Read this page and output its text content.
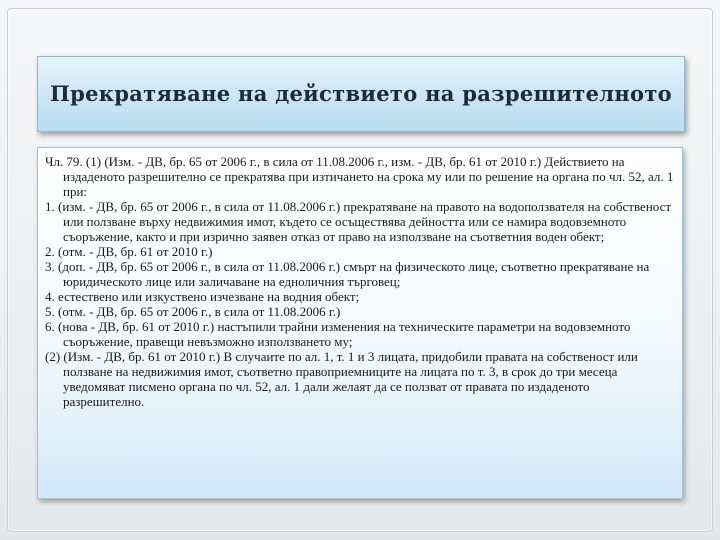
Прекратяване на действието на разрешителното

Чл. 79. (1) (Изм. - ДВ, бр. 65 от 2006 г., в сила от 11.08.2006 г., изм. - ДВ, бр. 61 от 2010 г.) Действието на издаденото разрешително се прекратява при изтичането на срока му или по решение на органа по чл. 52, ал. 1 при:

1. (изм. - ДВ, бр. 65 от 2006 г., в сила от 11.08.2006 г.) прекратяване на правото на водоползвателя на собственост или ползване върху недвижимия имот, където се осъществява дейността или се намира водовземното съоръжение, както и при изрично заявен отказ от право на използване на съответния воден обект;

2. (отм. - ДВ, бр. 61 от 2010 г.)

3. (доп. - ДВ, бр. 65 от 2006 г., в сила от 11.08.2006 г.) смърт на физическото лице, съответно прекратяване на юридическото лице или заличаване на едноличния търговец;

4. естествено или изкуствено изчезване на водния обект;

5. (отм. - ДВ, бр. 65 от 2006 г., в сила от 11.08.2006 г.)

6. (нова - ДВ, бр. 61 от 2010 г.) настъпили трайни изменения на техническите параметри на водовземното съоръжение, правещи невъзможно използването му;

(2) (Изм. - ДВ, бр. 61 от 2010 г.) В случаите по ал. 1, т. 1 и 3 лицата, придобили правата на собственост или ползване на недвижимия имот, съответно правоприемниците на лицата по т. 3, в срок до три месеца уведомяват писмено органа по чл. 52, ал. 1 дали желаят да се ползват от правата по издаденото разрешително.
